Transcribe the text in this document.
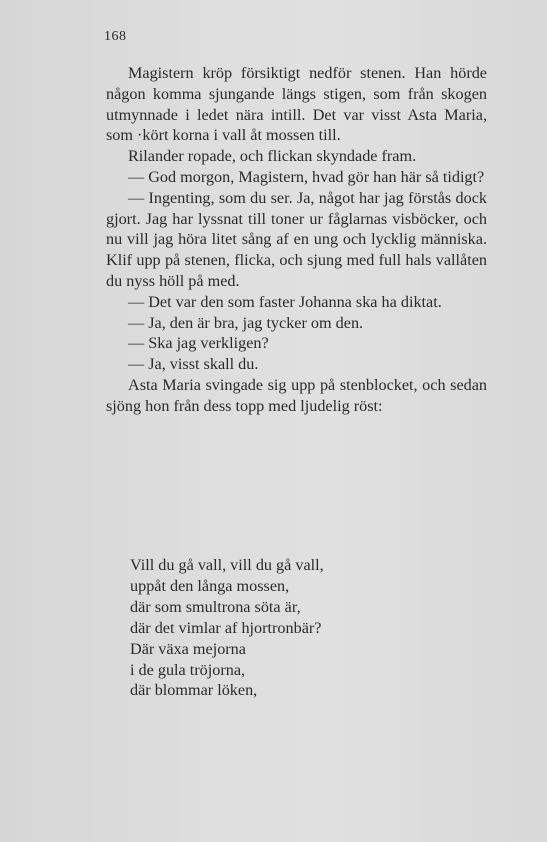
168

Magistern kröp försiktigt nedför stenen. Han hörde någon komma sjungande längs stigen, som från skogen utmynnade i ledet nära intill. Det var visst Asta Maria, som ·kört korna i vall åt mossen till.

Rilander ropade, och flickan skyndade fram.

— God morgon, Magistern, hvad gör han här så tidigt?

— Ingenting, som du ser. Ja, något har jag förstås dock gjort. Jag har lyssnat till toner ur fåglarnas visböcker, och nu vill jag höra litet sång af en ung och lycklig människa. Klif upp på stenen, flicka, och sjung med full hals vallåten du nyss höll på med.

— Det var den som faster Johanna ska ha diktat.

— Ja, den är bra, jag tycker om den.

— Ska jag verkligen?

— Ja, visst skall du.

Asta Maria svingade sig upp på stenblocket, och sedan sjöng hon från dess topp med ljudelig röst:

Vill du gå vall, vill du gå vall,
uppåt den långa mossen,
där som smultrona söta är,
där det vimlar af hjortronbär?
Där växa mejorna
i de gula tröjorna,
där blommar löken,
